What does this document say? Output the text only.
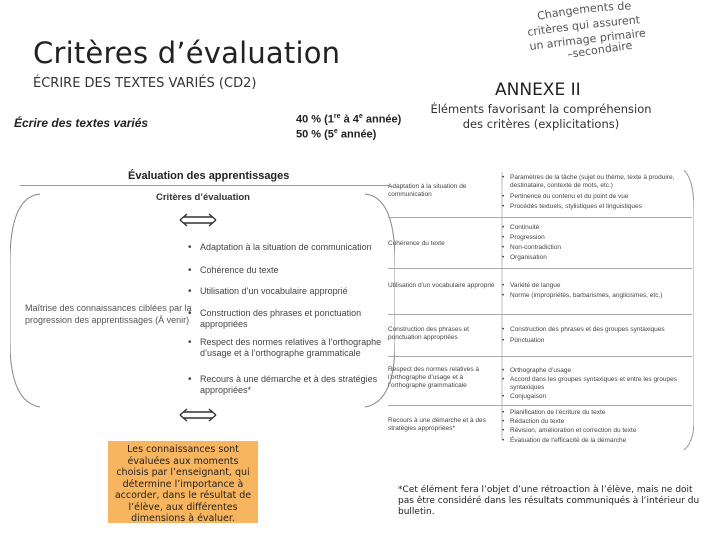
Critères d’évaluation
ÉCRIRE DES TEXTES VARIÉS (CD2)
Changements de
critères qui assurent
un arrimage primaire
–secondaire
ANNEXE II
Éléments favorisant la compréhension
des critères (explicitations)
Écrire des textes variés	40 % (1re à 4e année)
50 % (5e année)
Évaluation des apprentissages
Critères d’évaluation
Maîtrise des connaissances ciblées par la progression des apprentissages (À venir)
• Adaptation à la situation de communication
• Cohérence du texte
• Utilisation d’un vocabulaire approprié
• Construction des phrases et ponctuation appropriées
• Respect des normes relatives à l’orthographe d’usage et à l’orthographe grammaticale
• Recours à une démarche et à des stratégies appropriées*
Les connaissances sont évaluées aux moments choisis par l’enseignant, qui détermine l’importance à accorder, dans le résultat de l’élève, aux différentes dimensions à évaluer.
Adaptation à la situation de communication
• Paramètres de la tâche (sujet ou thème, texte à produire, destinataire, contexte de mots, etc.)
• Pertinence du contenu et du point de vue
• Procédés textuels, stylistiques et linguistiques
Cohérence du texte
• Continuité
• Progression
• Non-contradiction
• Organisation
Utilisation d’un vocabulaire approprié
• Variété de langue
• Norme (impropriétés, barbarismes, anglicismes, etc.)
Construction des phrases et ponctuation appropriées
• Construction des phrases et des groupes syntaxiques
• Ponctuation
Respect des normes relatives à l’orthographe d’usage et à l’orthographe grammaticale
• Orthographe d’usage
• Accord dans les groupes syntaxiques et entre les groupes syntaxiques
• Conjugaison
Recours à une démarche et à des stratégies appropriées*
• Planification de l’écriture du texte
• Rédaction du texte
• Révision, amélioration et correction du texte
• Évaluation de l’efficacité de la démarche
*Cet élément fera l’objet d’une rétroaction à l’élève, mais ne doit pas être considéré dans les résultats communiqués à l’intérieur du bulletin.
